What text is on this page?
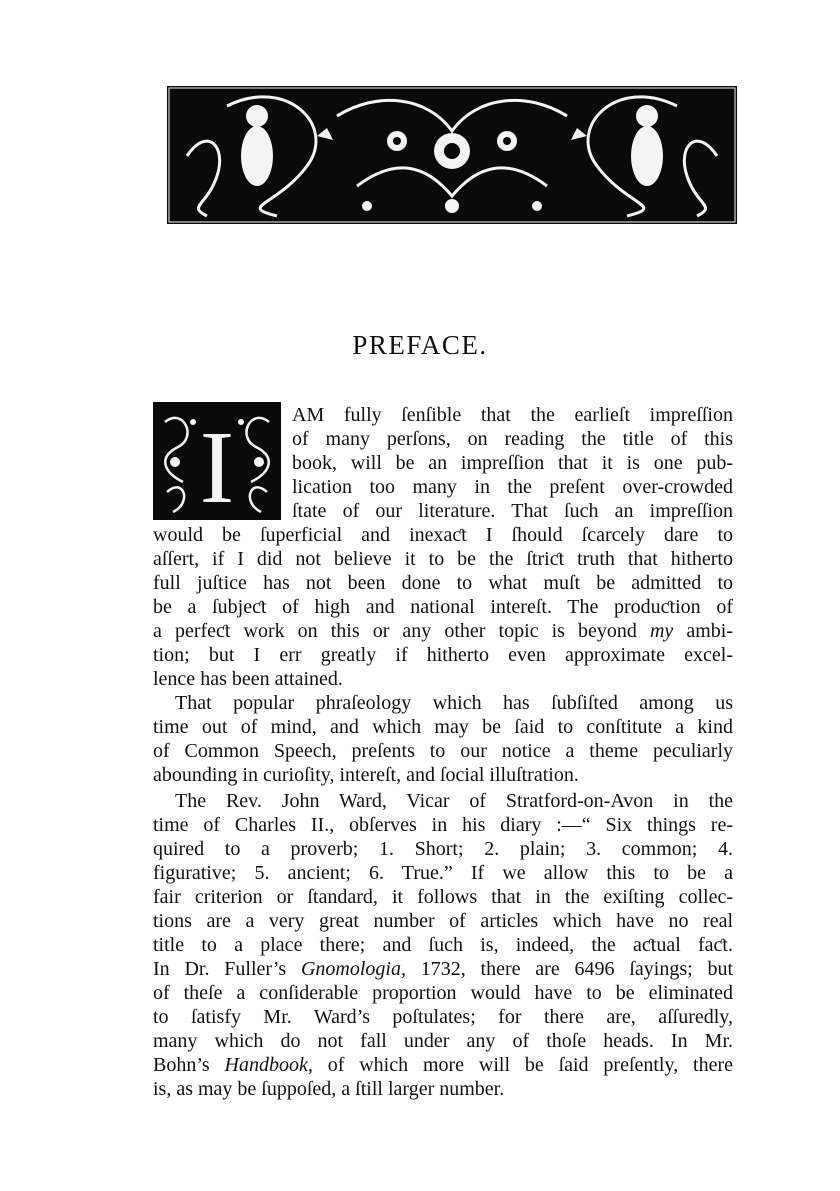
PREFACE.
I	AM fully ſenſible that the earlieſt impreſſion
of many perſons, on reading the title of this
book, will be an impreſſion that it is one pub-
lication too many in the preſent over-crowded
ſtate of our literature. That ſuch an impreſſion
would be ſuperficial and inexaƈt I ſhould ſcarcely dare to
aſſert, if I did not believe it to be the ſtriƈt truth that hitherto
full juſtice has not been done to what muſt be admitted to
be a ſubjeƈt of high and national intereſt. The produƈtion of
a perfeƈt work on this or any other topic is beyond my ambi-
tion; but I err greatly if hitherto even approximate excel-
lence has been attained.
That popular phraſeology which has ſubſiſted among us
time out of mind, and which may be ſaid to conſtitute a kind
of Common Speech, preſents to our notice a theme peculiarly
abounding in curioſity, intereſt, and ſocial illuſtration.
The Rev. John Ward, Vicar of Stratford-on-Avon in the
time of Charles II., obſerves in his diary :—“ Six things re-
quired to a proverb; 1. Short; 2. plain; 3. common; 4.
figurative; 5. ancient; 6. True.” If we allow this to be a
fair criterion or ſtandard, it follows that in the exiſting collec-
tions are a very great number of articles which have no real
title to a place there; and ſuch is, indeed, the aƈtual faƈt.
In Dr. Fuller’s Gnomologia, 1732, there are 6496 ſayings; but
of theſe a conſiderable proportion would have to be eliminated
to ſatisfy Mr. Ward’s poſtulates; for there are, aſſuredly,
many which do not fall under any of thoſe heads. In Mr.
Bohn’s Handbook, of which more will be ſaid preſently, there
is, as may be ſuppoſed, a ſtill larger number.
